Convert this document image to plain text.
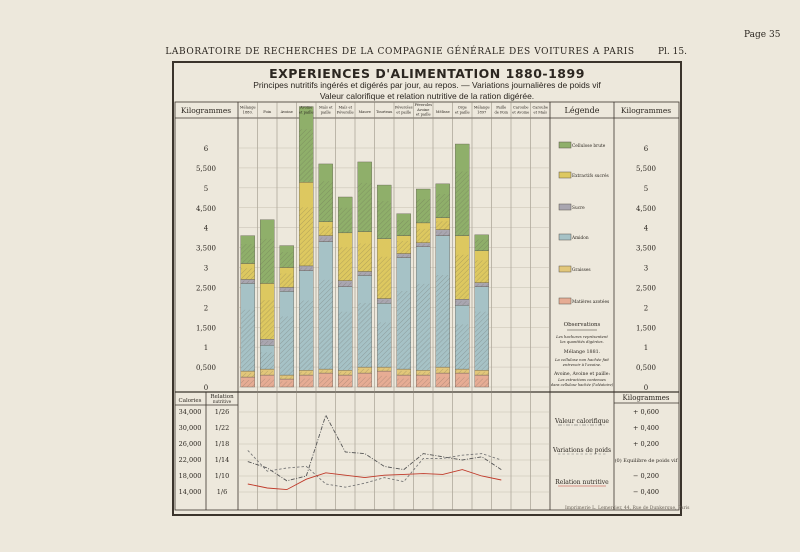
Page 35
LABORATOIRE DE RECHERCHES DE LA COMPAGNIE GÉNÉRALE DES VOITURES A PARIS	Pl. 15.
EXPERIENCES D'ALIMENTATION 1880-1899
Principes nutritifs ingérés et digérés par jour, au repos. — Variations journalières de poids vif
Valeur calorifique et relation nutritive de la ration digérée.
0	0
0,500	0,500
1	1
1,500	1,500
2	2
2,500	2,500
3	3
3,500	3,500
4	4
4,500	4,500
5	5
5,500	5,500
6	6
Kilogrammes	Kilogrammes
Légende
Mélange
1880.	Foin	Avoine
Avoine
et paille
Maïs et
paille
Maïs et
Féverolle Mauve Tourteau
Féveroles
et paille
Féveroles
Avoine
et paille
Mélisse
Orge
et paille
Mélange
1897
Paille
de Foin
Caroube
et Avoine
Caroube
et Maïs
Cellulose brute
Extractifs sucrés
Sucre
Amidon
Graisses
Matières azotées
Observations
Les hachures représentent
les quantités digérées.
Mélange 1881.
La cellulose non hachée fait
entrevoir à l'avoine.
Avoine, Avoine et paille:
Les extractions contenues
dans cellulose hachée (l'aléatoire)
Calories
Relation
nutritive	Kilogrammes
34,000 1/26	+ 0,600
30,000 1/22	+ 0,400
26,000 1/18	+ 0,200
22,000 1/14	(0) Equilibre de poids vif
18,000 1/10	− 0,200
14,000 1/6	− 0,400
Valeur calorifique
Variations de poids
Relation nutritive
Imprimerie L. Lemercier, 44, Rue de Dunkerque, Paris
